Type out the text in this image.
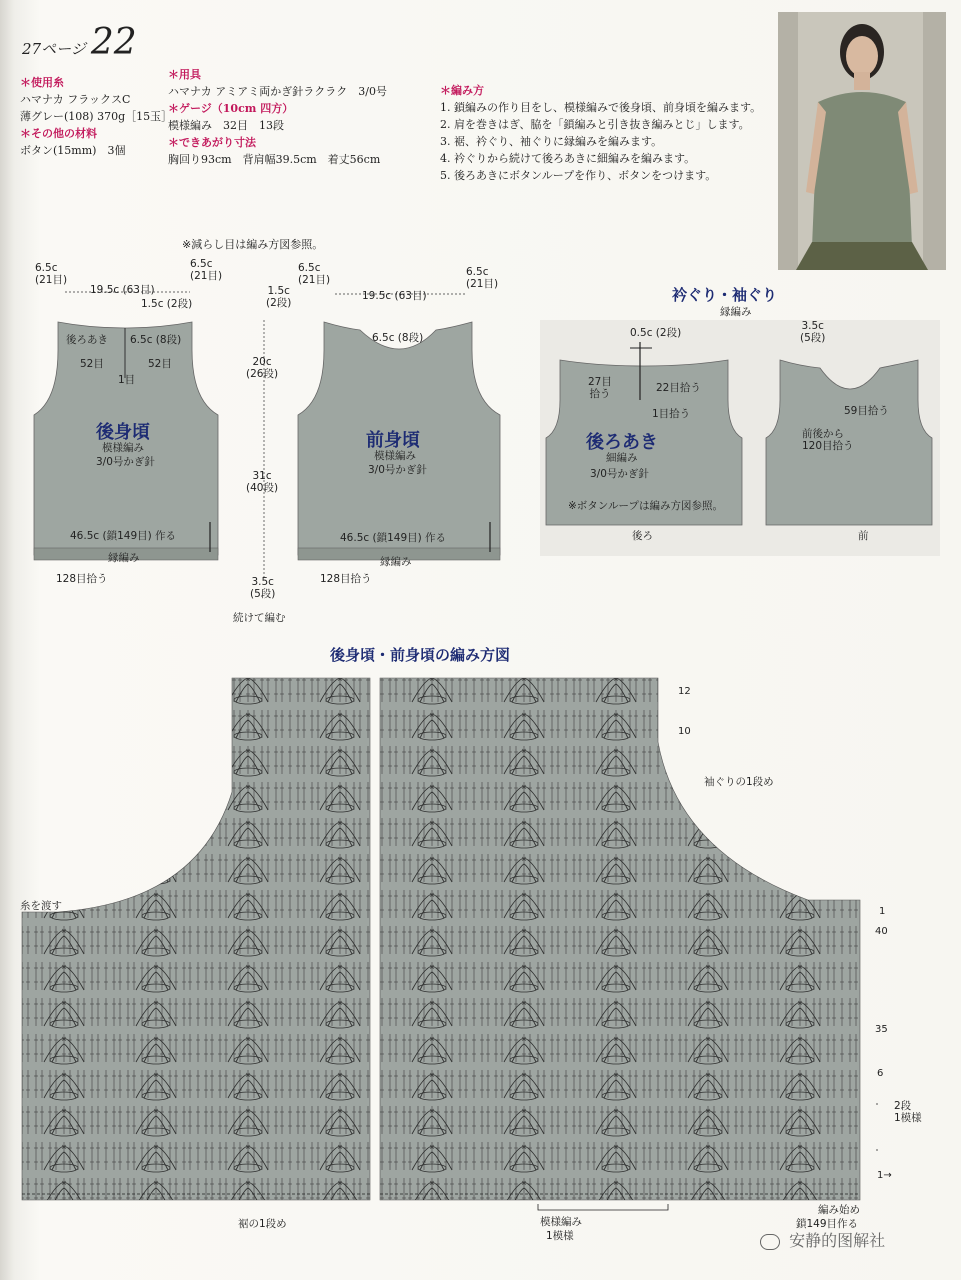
27ページ 22
＊使用糸
ハマナカ フラックスC
薄グレー(108) 370g［15玉］
＊その他の材料
ボタン(15mm)　3個
＊用具
ハマナカ アミアミ両かぎ針ラクラク　3/0号
＊ゲージ（10cm 四方）
模様編み　32目　13段
＊できあがり寸法
胸回り93cm　背肩幅39.5cm　着丈56cm
＊編み方
1. 鎖編みの作り目をし、模様編みで後身頃、前身頃を編みます。
2. 肩を巻きはぎ、脇を「鎖編みと引き抜き編みとじ」します。
3. 裾、衿ぐり、袖ぐりに縁編みを編みます。
4. 衿ぐりから続けて後ろあきに細編みを編みます。
5. 後ろあきにボタンループを作り、ボタンをつけます。
※減らし目は編み方図参照。
6.5c
(21目)
19.5c (63目)
6.5c
(21目)
1.5c (2段)
後ろあき 6.5c (8段)
52目	52目
1目
後身頃
模様編み
3/0号かぎ針
46.5c (鎖149目) 作る
縁編み
128目拾う
1.5c
(2段)
20c
(26段)
31c
(40段)
3.5c
(5段)
続けて編む
6.5c
(21目)
19.5c (63目)
6.5c
(21目)
6.5c (8段)
前身頃
模様編み
3/0号かぎ針
46.5c (鎖149目) 作る
縁編み
128目拾う
衿ぐり・袖ぐり
縁編み
0.5c (2段)
27目
拾う	22目拾う
1目拾う
後ろあき
細編み
3/0号かぎ針
※ボタンループは編み方図参照。
後ろ
3.5c
(5段)
59目拾う
前後から
120目拾う
前
後身頃・前身頃の編み方図
12
10
袖ぐりの1段め
1
40
35
6
2段
1模様
1→
糸を渡す
裾の1段め	模様編み
1模様
編み始め
鎖149目作る
安静的图解社
